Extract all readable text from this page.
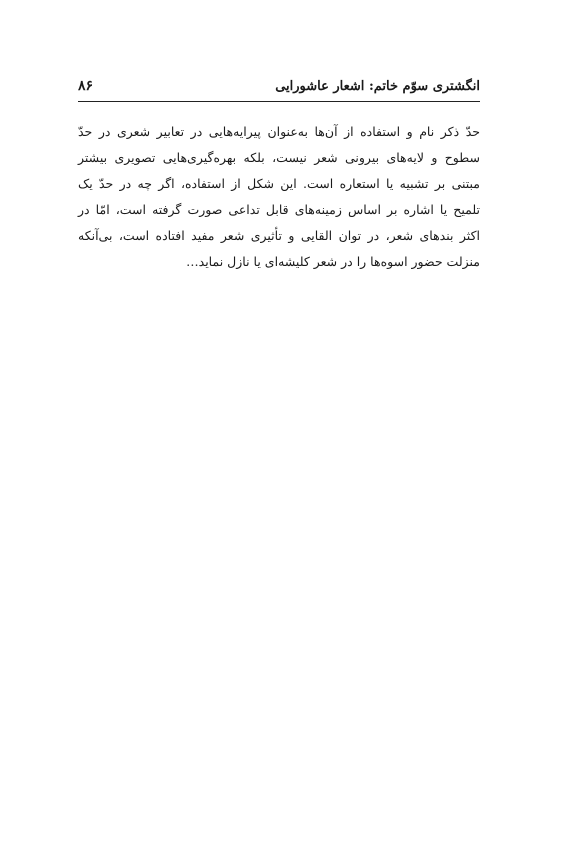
انگشتری سوّم خاتم: اشعار عاشورایی
۸۶
حدّ ذکر نام و استفاده از آن‌ها به‌عنوان پیرایه‌هایی در تعابیر شعری در حدّ
سطوح و لایه‌های بیرونی شعر نیست، بلکه بهره‌گیری‌هایی تصویری بیشتر
مبتنی بر تشبیه یا استعاره است. این شکل از استفاده، اگر چه در حدّ یک
تلمیح یا اشاره بر اساس زمینه‌های قابل تداعی صورت گرفته است، امّا در
اکثر بندهای شعر، در توان القایی و تأثیری شعر مفید افتاده است، بی‌آنکه
منزلت حضور اسوه‌ها را در شعر کلیشه‌ای یا نازل نماید…
